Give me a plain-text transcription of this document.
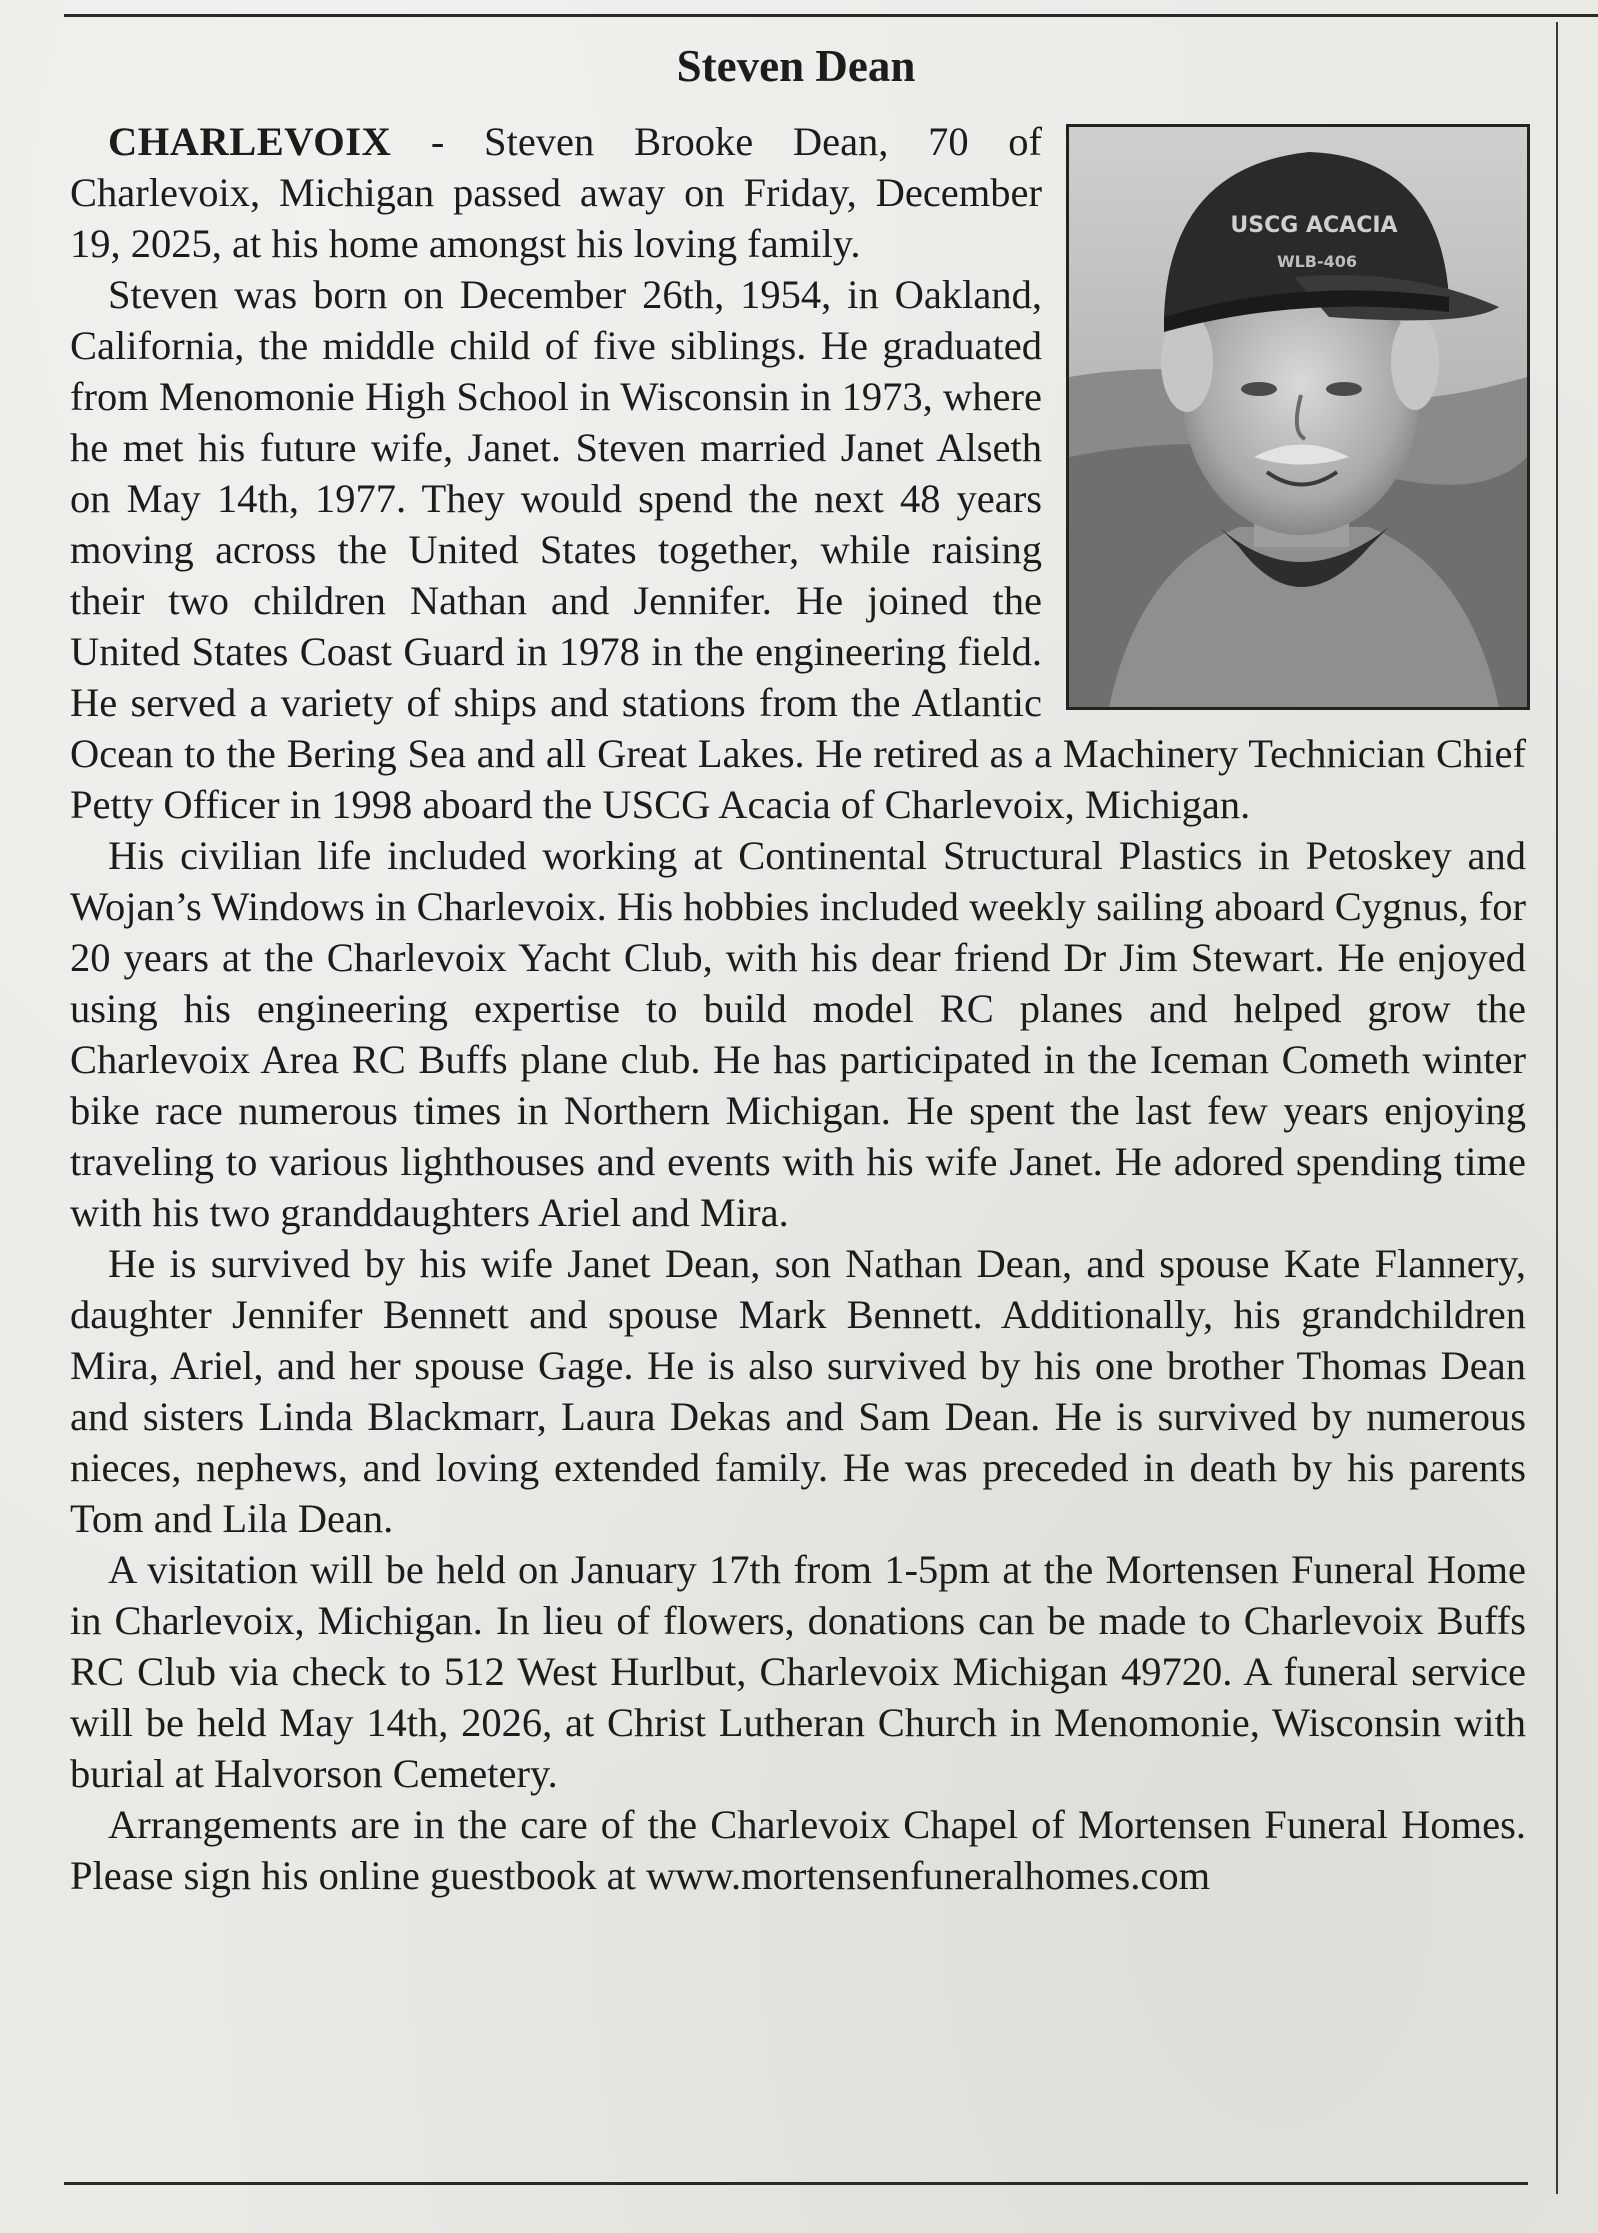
Steven Dean
USCG ACACIA
WLB-406

CHARLEVOIX - Steven Brooke Dean, 70 of Charlevoix, Michigan passed away on Friday, December 19, 2025, at his home amongst his loving family.

Steven was born on December 26th, 1954, in Oakland, California, the middle child of five siblings. He graduated from Menomonie High School in Wisconsin in 1973, where he met his future wife, Janet. Steven married Janet Alseth on May 14th, 1977. They would spend the next 48 years moving across the United States together, while raising their two children Nathan and Jennifer. He joined the United States Coast Guard in 1978 in the engineering field. He served a variety of ships and stations from the Atlantic Ocean to the Bering Sea and all Great Lakes. He retired as a Machinery Technician Chief Petty Officer in 1998 aboard the USCG Acacia of Charlevoix, Michigan.

His civilian life included working at Continental Structural Plastics in Petoskey and Wojan’s Windows in Charlevoix. His hobbies included weekly sailing aboard Cygnus, for 20 years at the Charlevoix Yacht Club, with his dear friend Dr Jim Stewart. He enjoyed using his engineering expertise to build model RC planes and helped grow the Charlevoix Area RC Buffs plane club. He has participated in the Iceman Cometh winter bike race numerous times in Northern Michigan. He spent the last few years enjoying traveling to various lighthouses and events with his wife Janet. He adored spending time with his two granddaughters Ariel and Mira.

He is survived by his wife Janet Dean, son Nathan Dean, and spouse Kate Flannery, daughter Jennifer Bennett and spouse Mark Bennett. Additionally, his grandchildren Mira, Ariel, and her spouse Gage. He is also survived by his one brother Thomas Dean and sisters Linda Blackmarr, Laura Dekas and Sam Dean. He is survived by numerous nieces, nephews, and loving extended family. He was preceded in death by his parents Tom and Lila Dean.

A visitation will be held on January 17th from 1-5pm at the Mortensen Funeral Home in Charlevoix, Michigan. In lieu of flowers, donations can be made to Charlevoix Buffs RC Club via check to 512 West Hurlbut, Charlevoix Michigan 49720. A funeral service will be held May 14th, 2026, at Christ Lutheran Church in Menomonie, Wisconsin with burial at Halvorson Cemetery.

Arrangements are in the care of the Charlevoix Chapel of Mortensen Funeral Homes. Please sign his online guestbook at www.mortensenfuneralhomes.com
